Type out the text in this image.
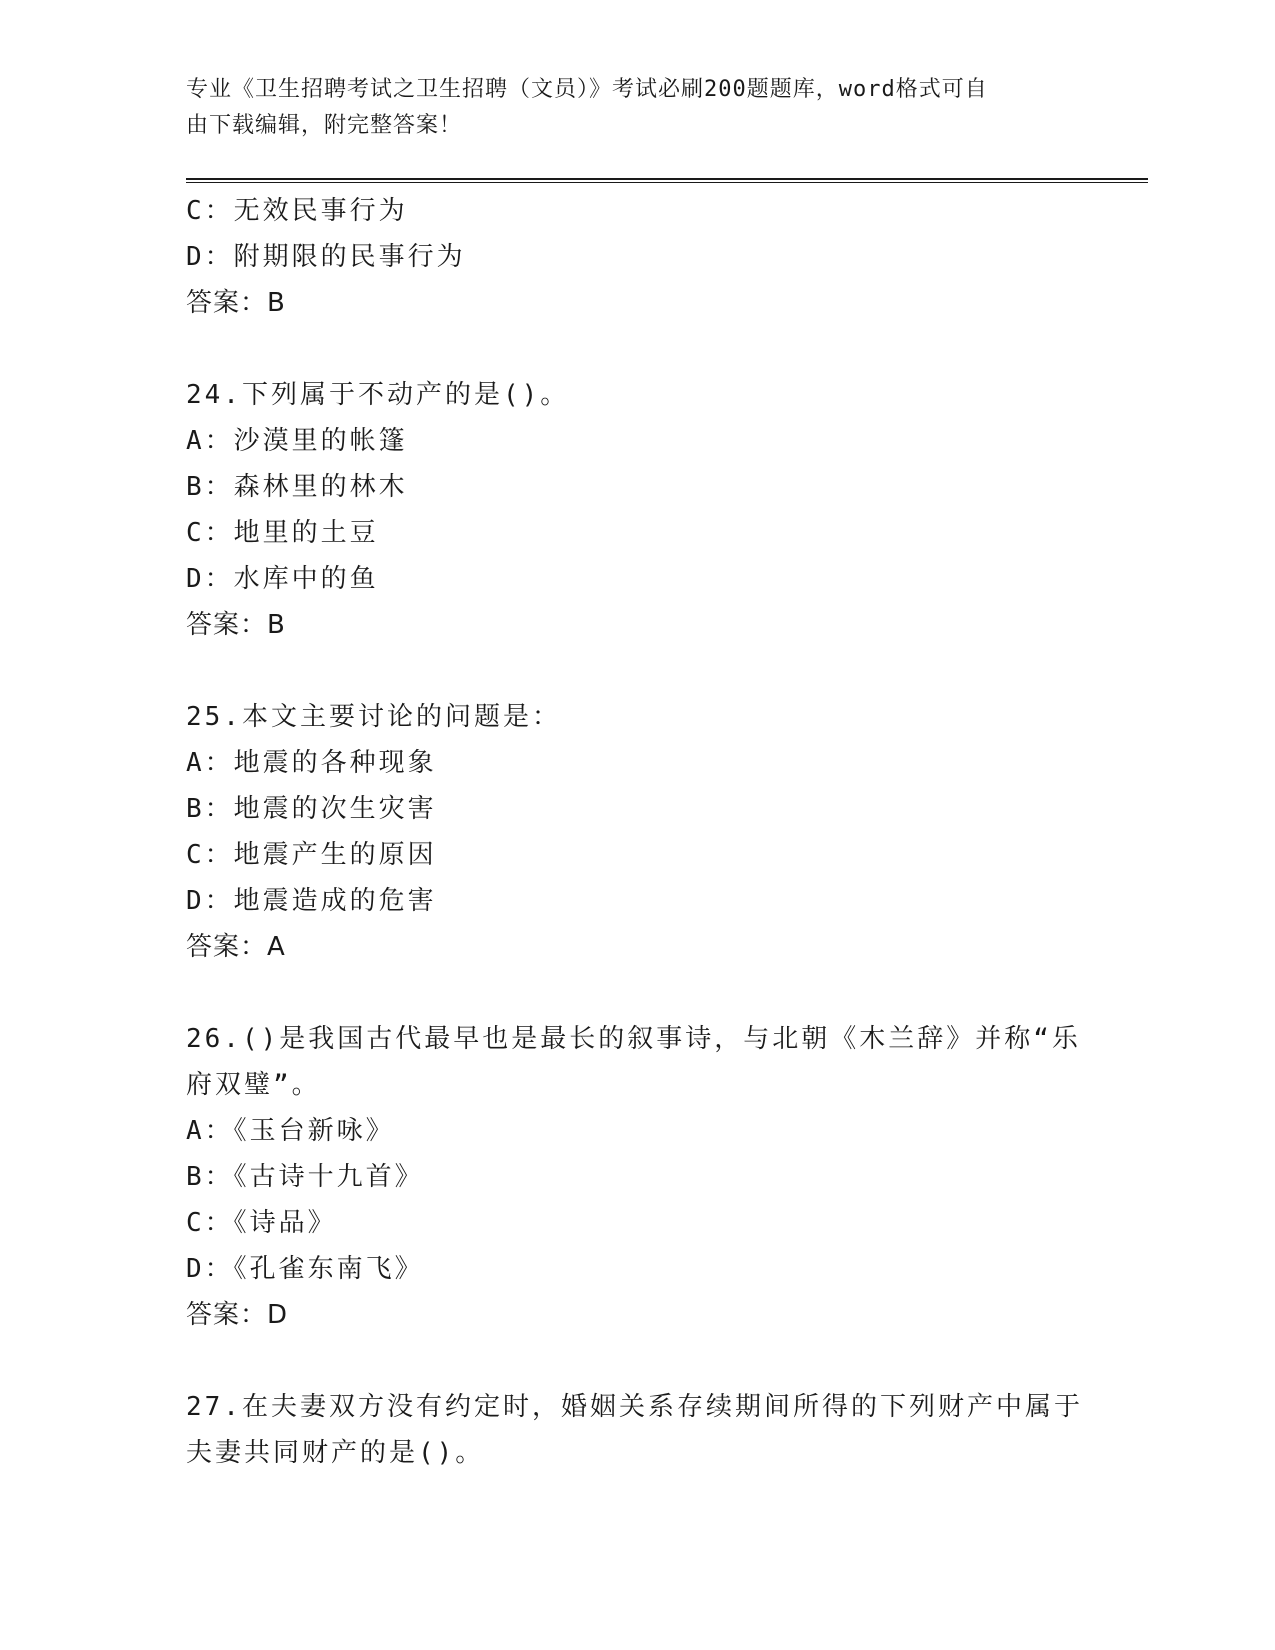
专业《卫生招聘考试之卫生招聘（文员）》考试必刷200题题库，word格式可自
由下载编辑，附完整答案！
C：无效民事行为
D：附期限的民事行为
答案：B
24.下列属于不动产的是()。
A：沙漠里的帐篷
B：森林里的林木
C：地里的土豆
D：水库中的鱼
答案：B
25.本文主要讨论的问题是：
A：地震的各种现象
B：地震的次生灾害
C：地震产生的原因
D：地震造成的危害
答案：A
26.()是我国古代最早也是最长的叙事诗，与北朝《木兰辞》并称“乐
府双璧”。
A：《玉台新咏》
B：《古诗十九首》
C：《诗品》
D：《孔雀东南飞》
答案：D
27.在夫妻双方没有约定时，婚姻关系存续期间所得的下列财产中属于
夫妻共同财产的是()。
